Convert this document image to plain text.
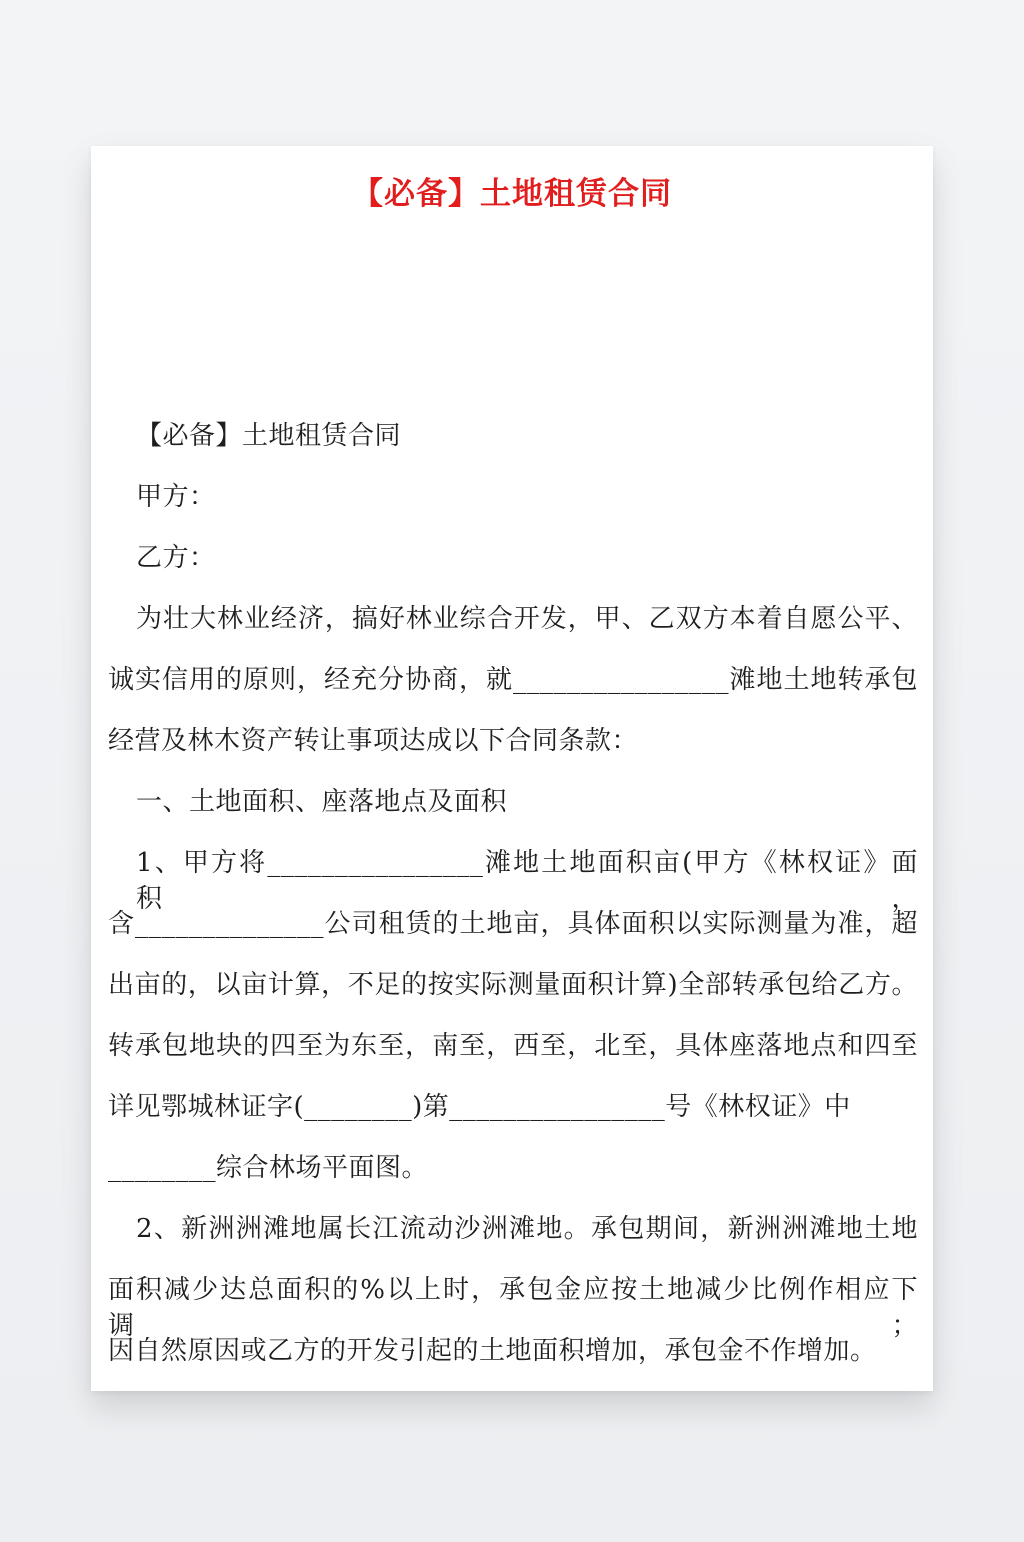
【必备】土地租赁合同

【必备】土地租赁合同

甲方：

乙方：

为壮大林业经济，搞好林业综合开发，甲、乙双方本着自愿公平、

诚实信用的原则，经充分协商，就________________滩地土地转承包

经营及林木资产转让事项达成以下合同条款：

一、土地面积、座落地点及面积

1、甲方将________________滩地土地面积亩(甲方《林权证》面积，

含______________公司租赁的土地亩，具体面积以实际测量为准，超

出亩的，以亩计算，不足的按实际测量面积计算)全部转承包给乙方。

转承包地块的四至为东至，南至，西至，北至，具体座落地点和四至

详见鄂城林证字(________)第________________号《林权证》中

________综合林场平面图。

2、新洲洲滩地属长江流动沙洲滩地。承包期间，新洲洲滩地土地

面积减少达总面积的%以上时，承包金应按土地减少比例作相应下调；

因自然原因或乙方的开发引起的土地面积增加，承包金不作增加。
